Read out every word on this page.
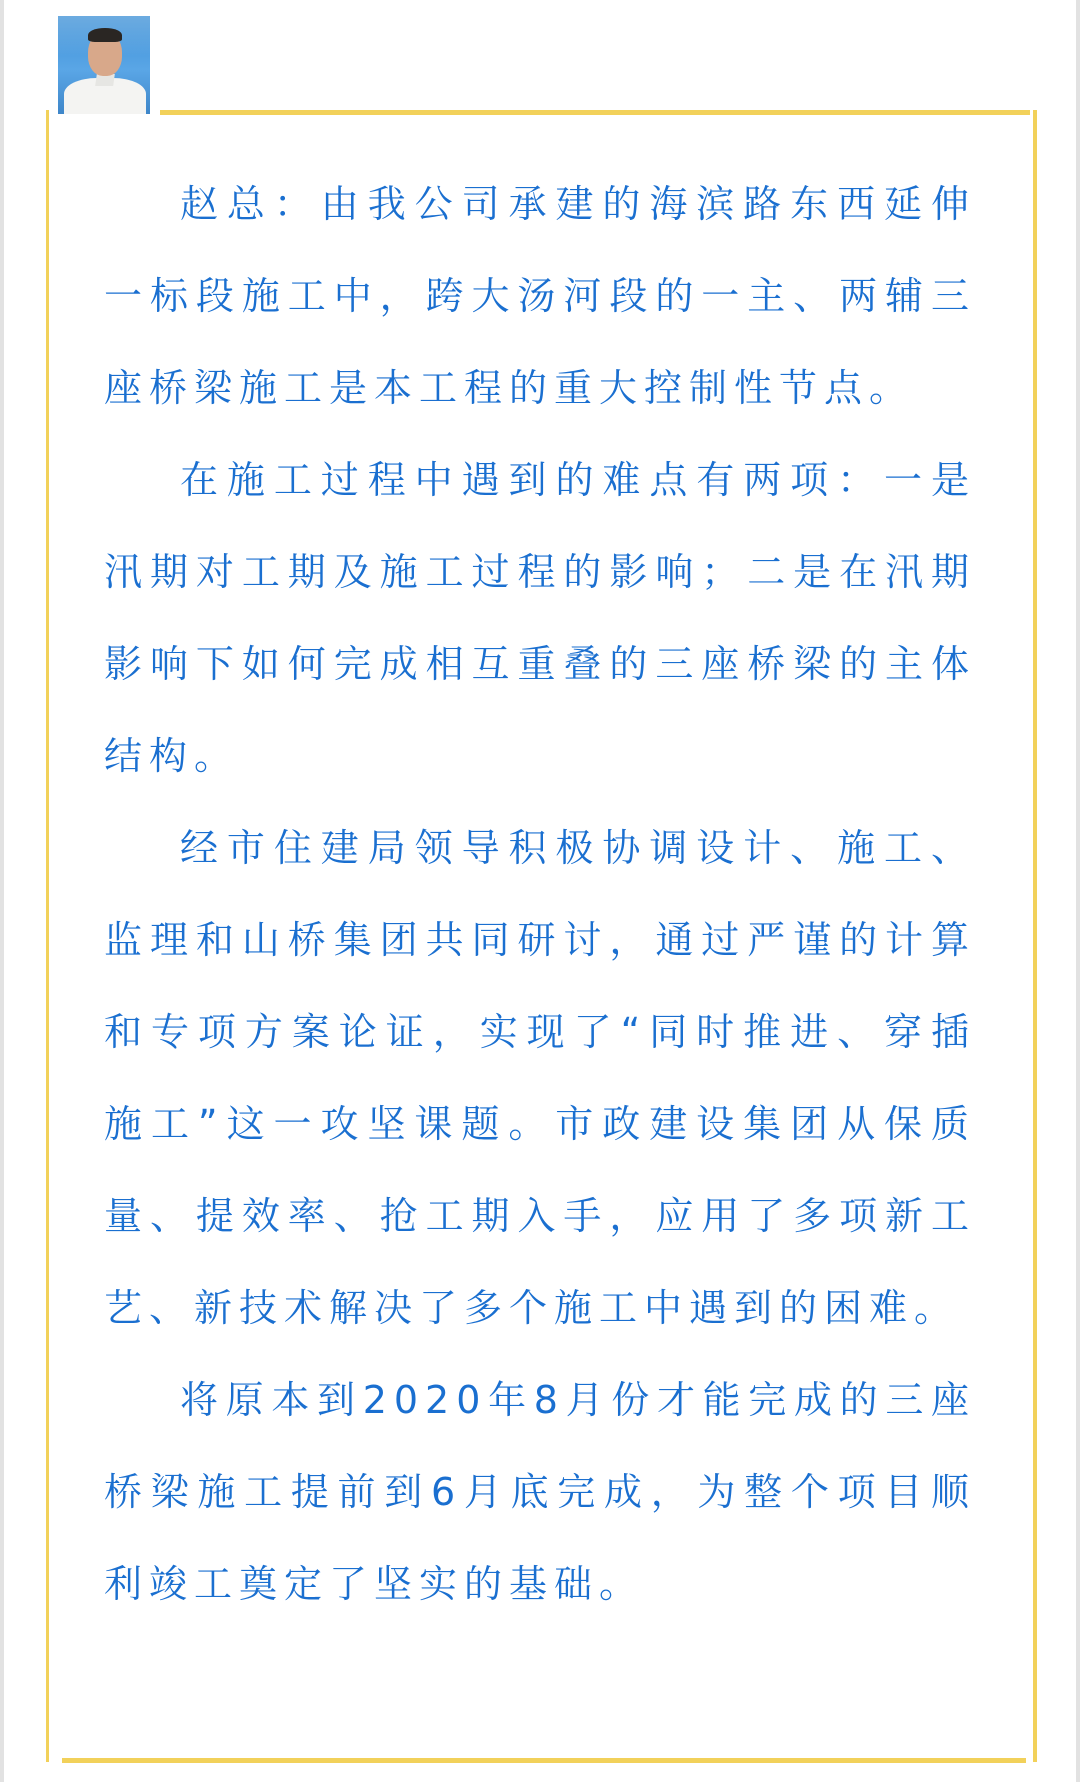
赵总：由我公司承建的海滨路东西延伸一标段施工中，跨大汤河段的一主、两辅三座桥梁施工是本工程的重大控制性节点。

在施工过程中遇到的难点有两项：一是汛期对工期及施工过程的影响；二是在汛期影响下如何完成相互重叠的三座桥梁的主体结构。

经市住建局领导积极协调设计、施工、监理和山桥集团共同研讨，通过严谨的计算和专项方案论证，实现了“同时推进、穿插施工”这一攻坚课题。市政建设集团从保质量、提效率、抢工期入手，应用了多项新工艺、新技术解决了多个施工中遇到的困难。

将原本到2020年8月份才能完成的三座桥梁施工提前到6月底完成，为整个项目顺利竣工奠定了坚实的基础。
